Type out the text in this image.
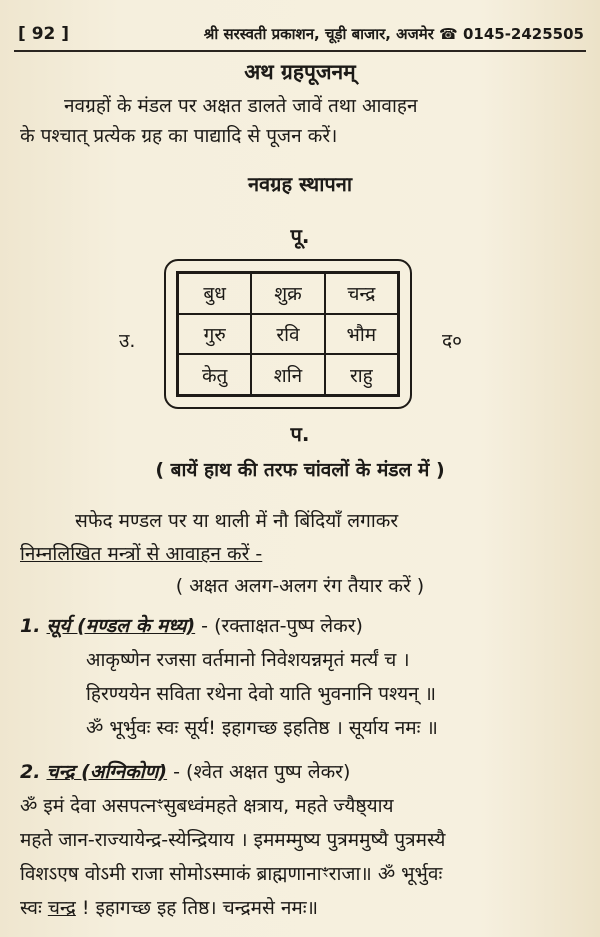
[ 92 ]	श्री सरस्वती प्रकाशन, चूड़ी बाजार, अजमेर ☎ 0145-2425505
अथ ग्रहपूजनम्
नवग्रहों के मंडल पर अक्षत डालते जावें तथा आवाहन
के पश्चात् प्रत्येक ग्रह का पाद्यादि से पूजन करें।
नवग्रह स्थापना
पू.
उ.	द०
बुध	शुक्र	चन्द्र
गुरु	रवि	भौम
केतु	शनि	राहु
प.
( बायें हाथ की तरफ चांवलों के मंडल में )
सफेद मण्डल पर या थाली में नौ बिंदियाँ लगाकर
निम्नलिखित मन्त्रों से आवाहन करें -
( अक्षत अलग-अलग रंग तैयार करें )
1. सूर्य (मण्डल के मध्य) - (रक्ताक्षत-पुष्प लेकर)
आकृष्णेन रजसा वर्तमानो निवेशयन्नमृतं मर्त्यं च ।
हिरण्ययेन सविता रथेना देवो याति भुवनानि पश्यन् ॥
ॐ भूर्भुवः स्वः सूर्य! इहागच्छ इहतिष्ठ । सूर्याय नमः ॥
2. चन्द्र (अग्निकोण) - (श्वेत अक्षत पुष्प लेकर)
ॐ इमं देवा असपत्नꣳसुबध्वंमहते क्षत्राय, महते ज्यैष्ठ्याय
महते जान-राज्यायेन्द्र-स्येन्द्रियाय । इममम्मुष्य पुत्रममुष्यै पुत्रमस्यै
विशऽएष वोऽमी राजा सोमोऽस्माकं ब्राह्मणानाꣳराजा॥ ॐ भूर्भुवः
स्वः चन्द्र ! इहागच्छ इह तिष्ठ। चन्द्रमसे नमः॥
